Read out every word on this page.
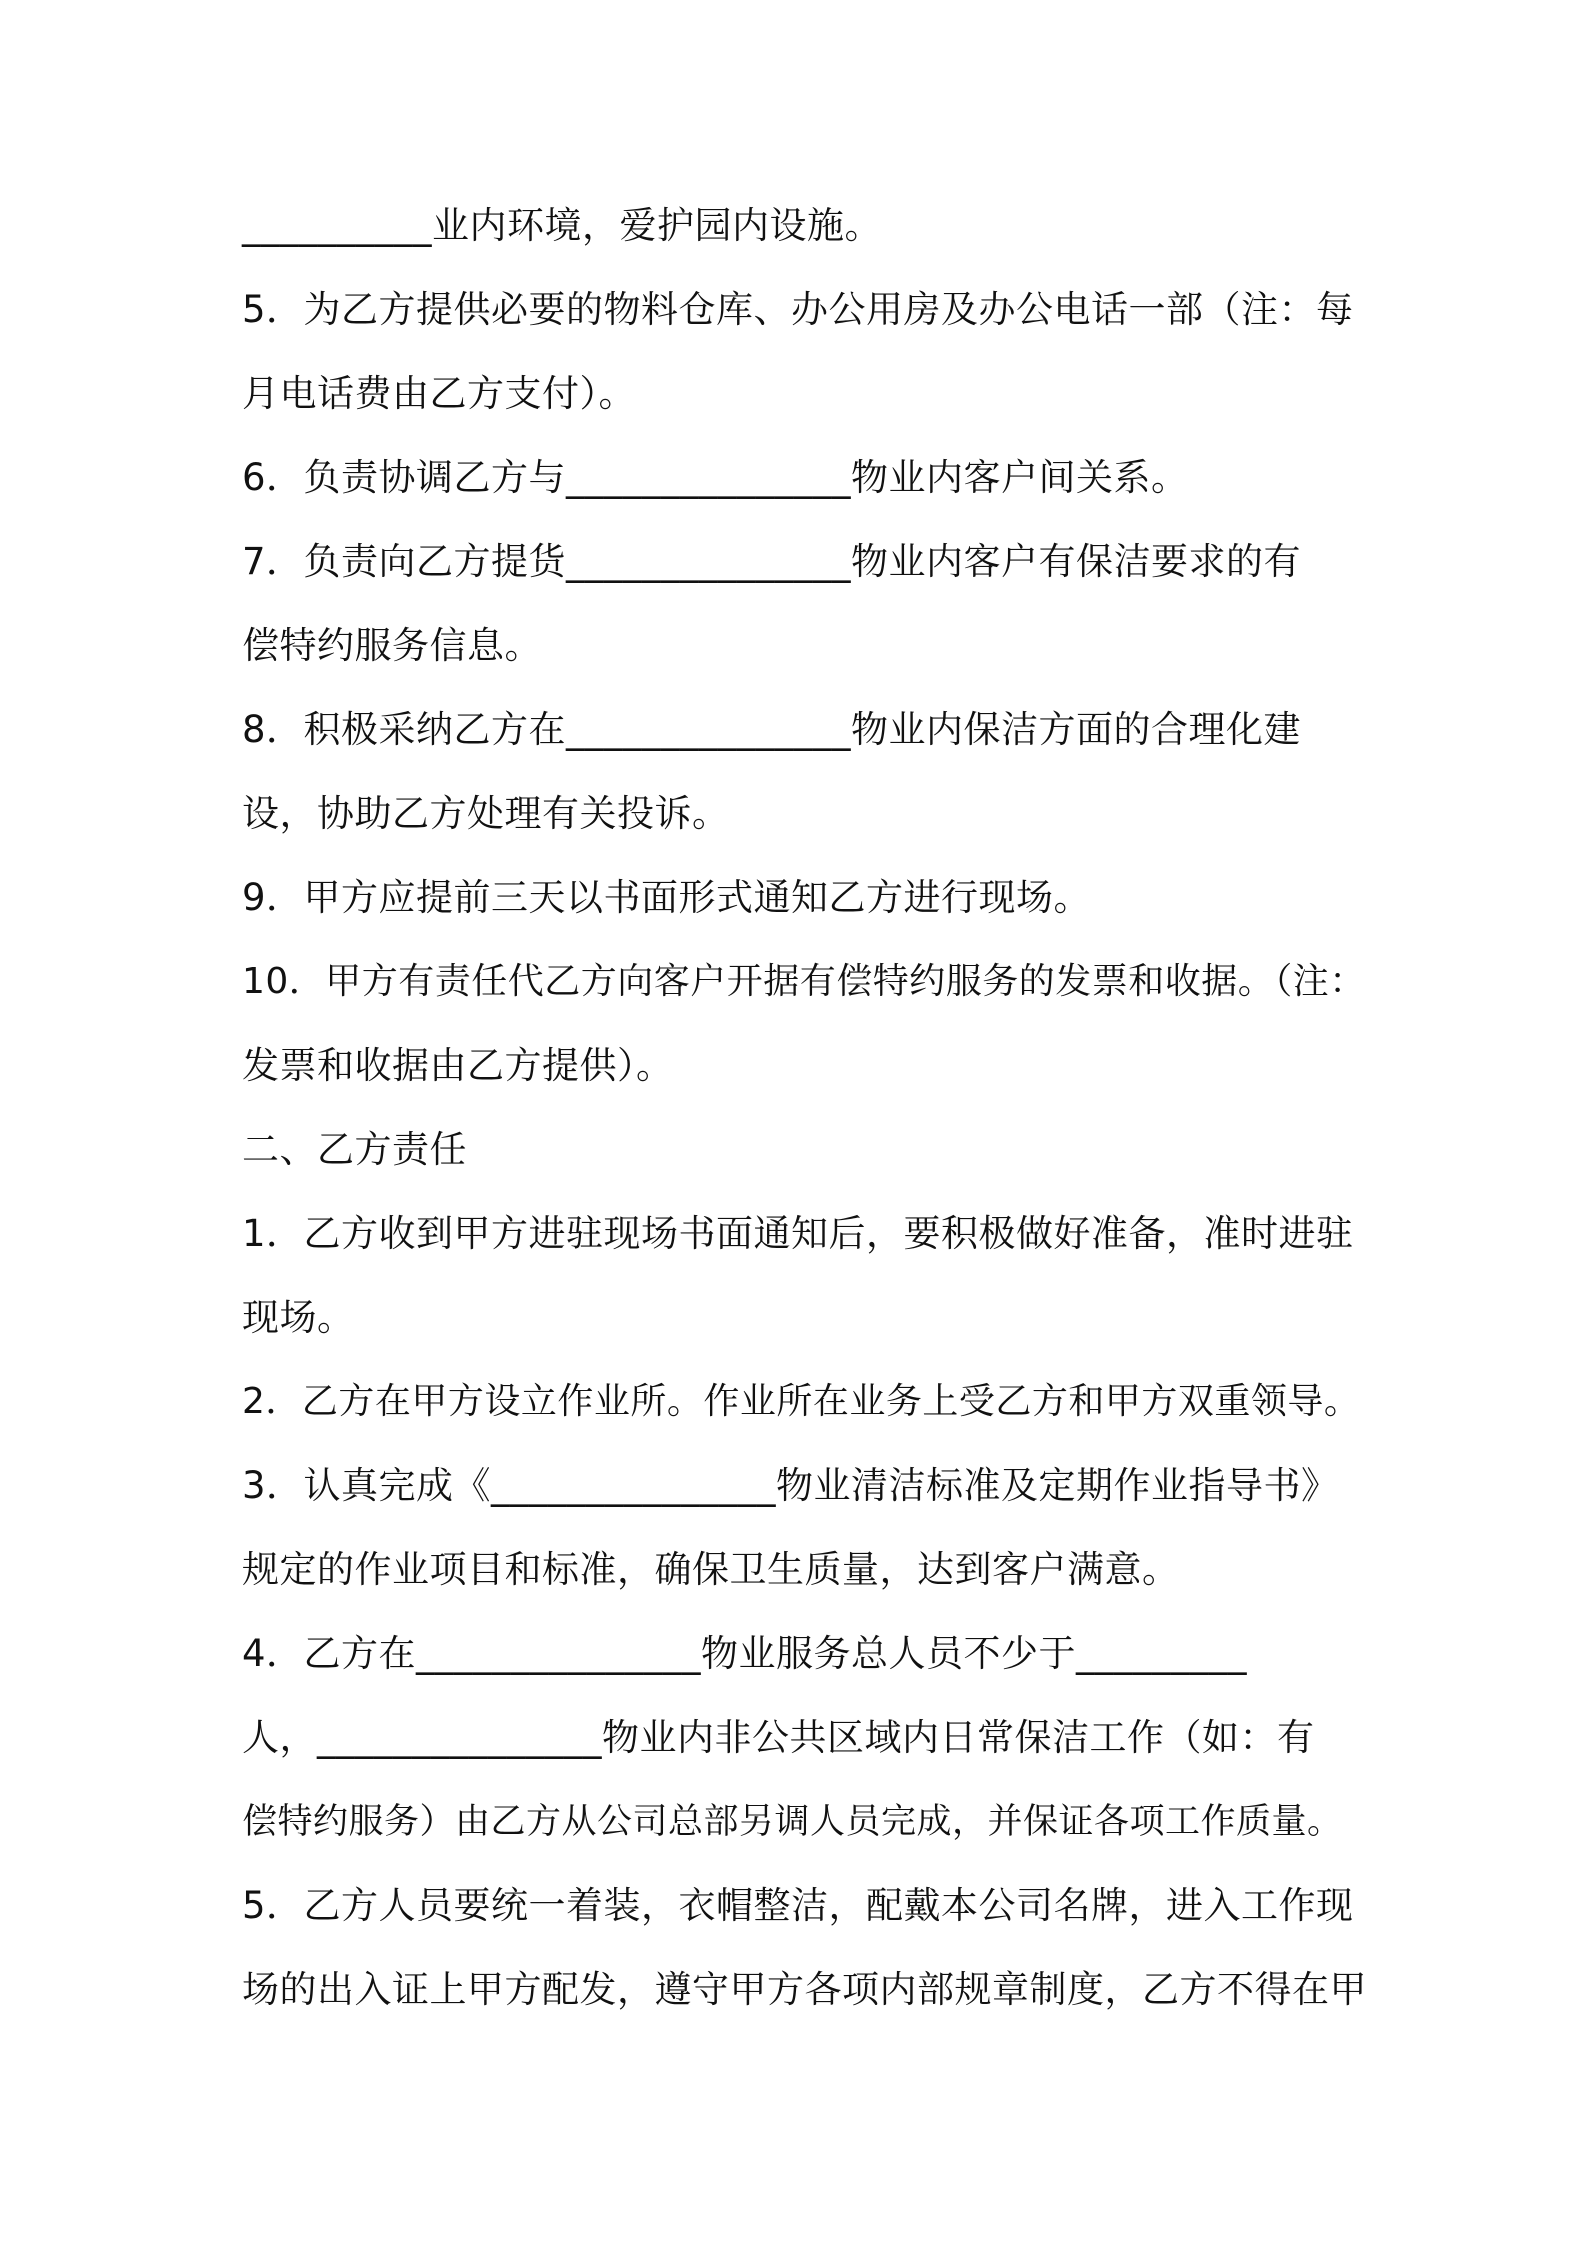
__________业内环境，爱护园内设施。
5．为乙方提供必要的物料仓库、办公用房及办公电话一部（注：每
月电话费由乙方支付）。
6．负责协调乙方与_______________物业内客户间关系。
7．负责向乙方提货_______________物业内客户有保洁要求的有
偿特约服务信息。
8．积极采纳乙方在_______________物业内保洁方面的合理化建
设，协助乙方处理有关投诉。
9．甲方应提前三天以书面形式通知乙方进行现场。
10．甲方有责任代乙方向客户开据有偿特约服务的发票和收据。（注：
发票和收据由乙方提供）。
二、乙方责任
1．乙方收到甲方进驻现场书面通知后，要积极做好准备，准时进驻
现场。
2．乙方在甲方设立作业所。作业所在业务上受乙方和甲方双重领导。
3．认真完成《_______________物业清洁标准及定期作业指导书》
规定的作业项目和标准，确保卫生质量，达到客户满意。
4．乙方在_______________物业服务总人员不少于_________
人，_______________物业内非公共区域内日常保洁工作（如：有
偿特约服务）由乙方从公司总部另调人员完成，并保证各项工作质量。
5．乙方人员要统一着装，衣帽整洁，配戴本公司名牌，进入工作现
场的出入证上甲方配发，遵守甲方各项内部规章制度，乙方不得在甲
